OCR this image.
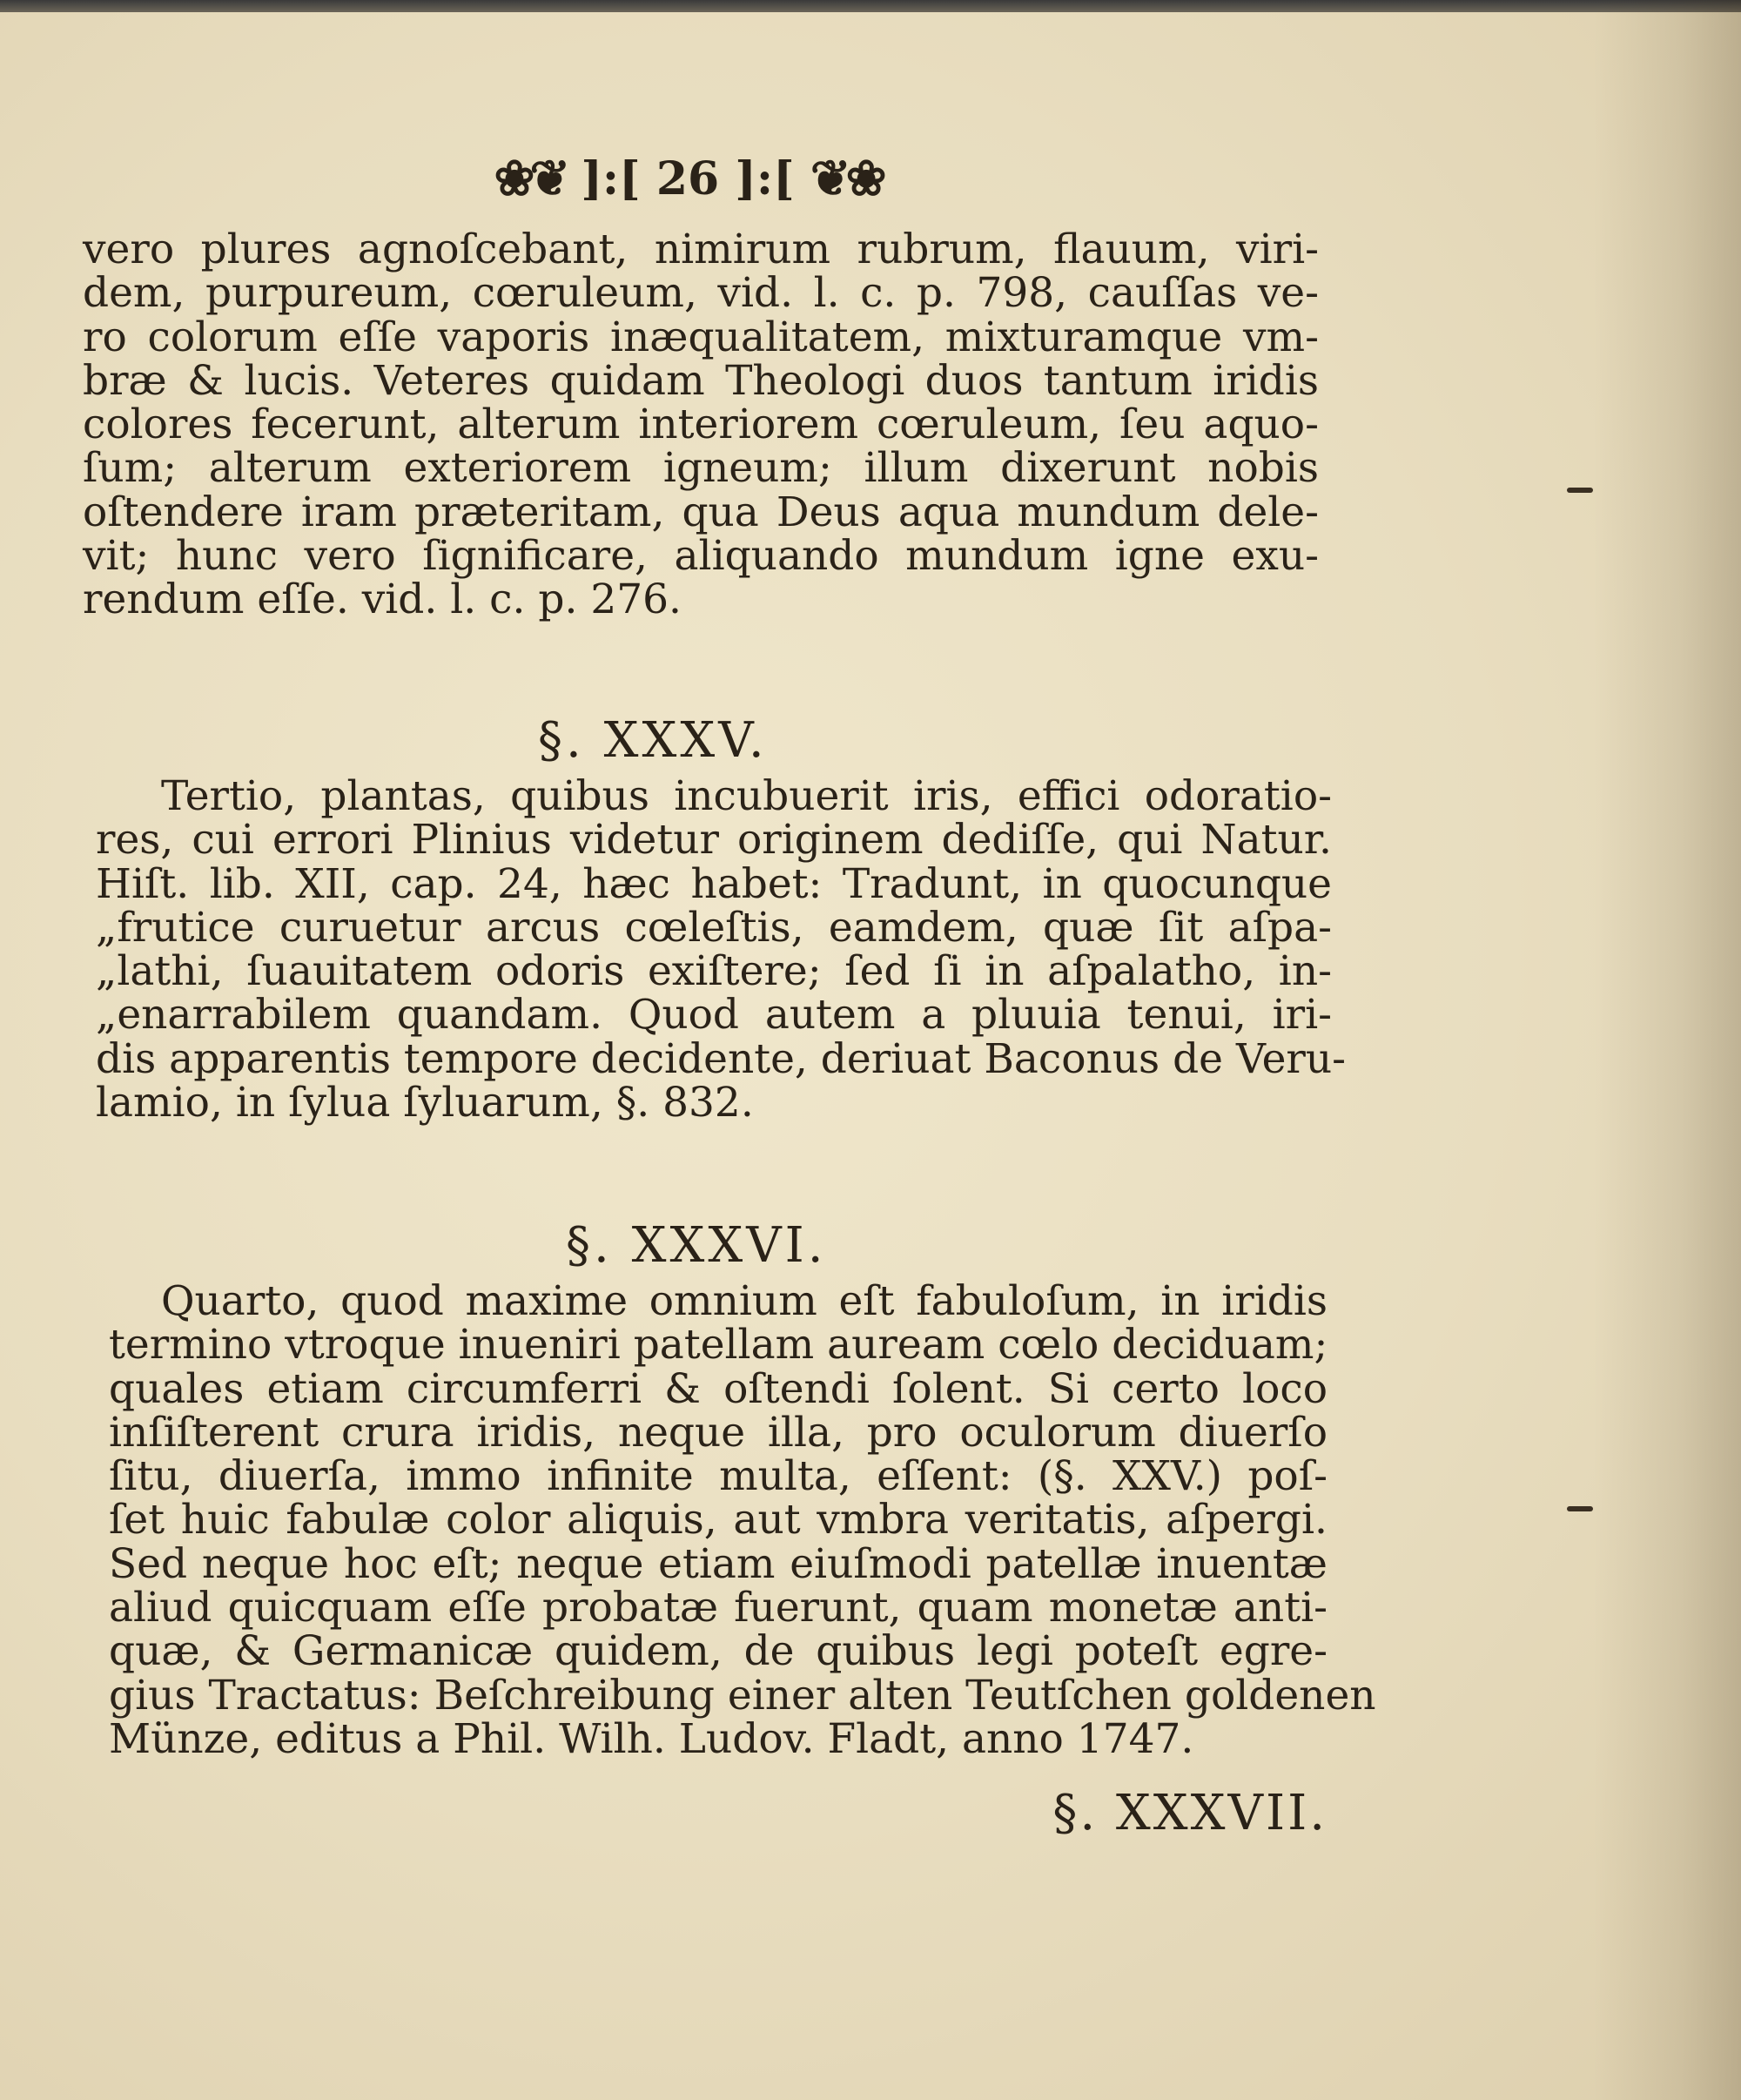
❀❦ ]:[ 26 ]:[ ❦❀
vero plures agnoſcebant, nimirum rubrum, flauum, viri-
dem, purpureum, cœruleum, vid. l. c. p. 798, cauſſas ve-
ro colorum eſſe vaporis inæqualitatem, mixturamque vm-
bræ & lucis. Veteres quidam Theologi duos tantum iridis
colores fecerunt, alterum interiorem cœruleum, ſeu aquo-
ſum; alterum exteriorem igneum; illum dixerunt nobis
oſtendere iram præteritam, qua Deus aqua mundum dele-
vit; hunc vero ſignificare, aliquando mundum igne exu-
rendum eſſe. vid. l. c. p. 276.
§. XXXV.
Tertio, plantas, quibus incubuerit iris, effici odoratio-
res, cui errori Plinius videtur originem dediſſe, qui Natur.
Hiſt. lib. XII, cap. 24, hæc habet: Tradunt, in quocunque
„frutice curuetur arcus cœleſtis, eamdem, quæ ſit aſpa-
„lathi, ſuauitatem odoris exiſtere; ſed ſi in aſpalatho, in-
„enarrabilem quandam. Quod autem a pluuia tenui, iri-
dis apparentis tempore decidente, deriuat Baconus de Veru-
lamio, in ſylua ſyluarum, §. 832.
§. XXXVI.
Quarto, quod maxime omnium eſt fabuloſum, in iridis
termino vtroque inueniri patellam auream cœlo deciduam;
quales etiam circumferri & oſtendi ſolent. Si certo loco
inſiſterent crura iridis, neque illa, pro oculorum diuerſo
ſitu, diuerſa, immo infinite multa, eſſent: (§. XXV.) poſ-
ſet huic fabulæ color aliquis, aut vmbra veritatis, aſpergi.
Sed neque hoc eſt; neque etiam eiuſmodi patellæ inuentæ
aliud quicquam eſſe probatæ fuerunt, quam monetæ anti-
quæ, & Germanicæ quidem, de quibus legi poteſt egre-
gius Tractatus: Beſchreibung einer alten Teutſchen goldenen
Münze, editus a Phil. Wilh. Ludov. Fladt, anno 1747.
§. XXXVII.
